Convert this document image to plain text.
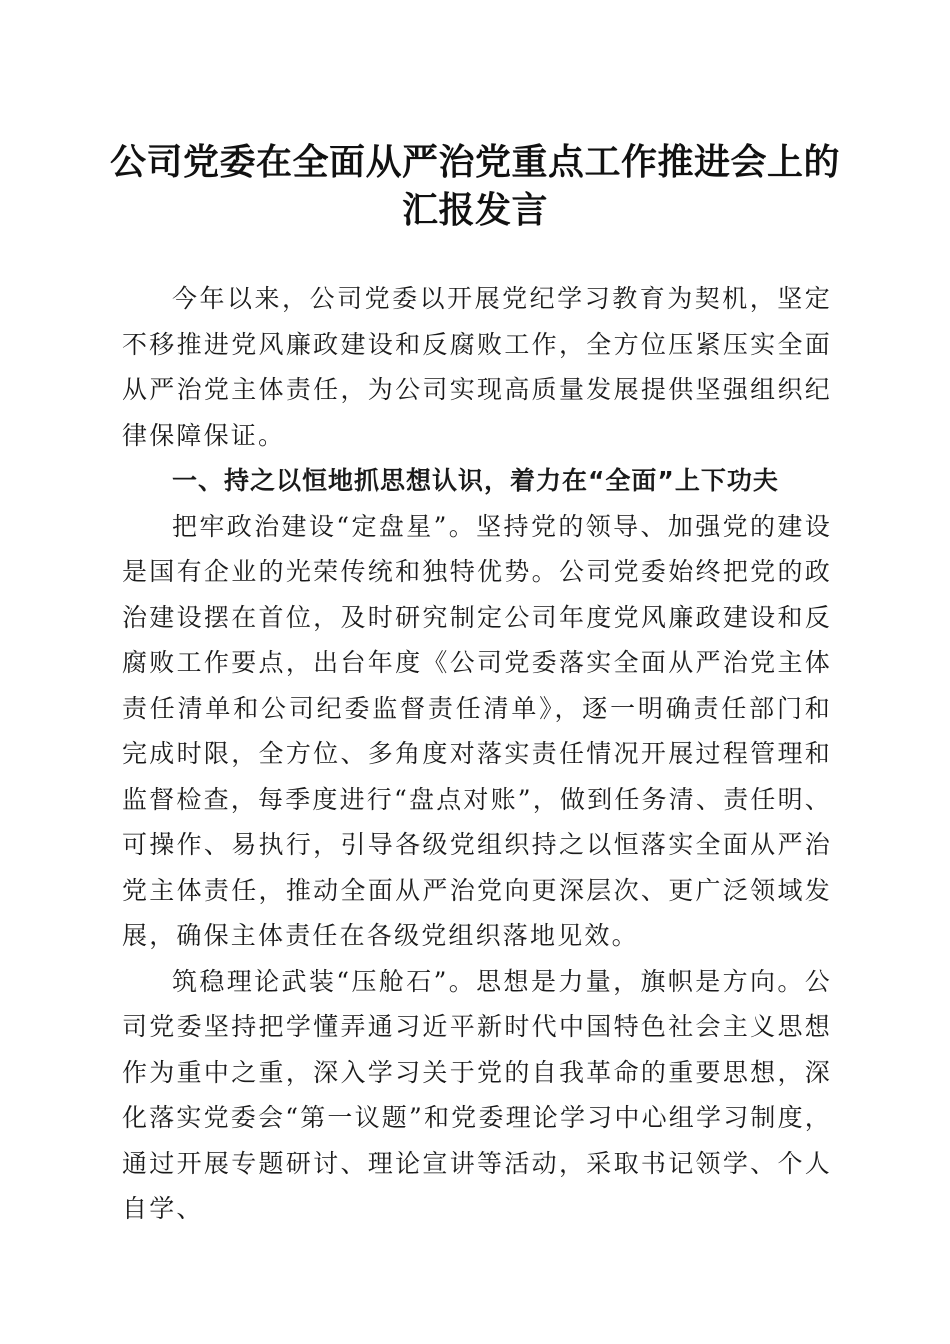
公司党委在全面从严治党重点工作推进会上的
汇报发言

今年以来，公司党委以开展党纪学习教育为契机，坚定不移推进党风廉政建设和反腐败工作，全方位压紧压实全面从严治党主体责任，为公司实现高质量发展提供坚强组织纪律保障保证。

一、持之以恒地抓思想认识，着力在“全面”上下功夫

把牢政治建设“定盘星”。坚持党的领导、加强党的建设是国有企业的光荣传统和独特优势。公司党委始终把党的政治建设摆在首位，及时研究制定公司年度党风廉政建设和反腐败工作要点，出台年度《公司党委落实全面从严治党主体责任清单和公司纪委监督责任清单》，逐一明确责任部门和完成时限，全方位、多角度对落实责任情况开展过程管理和监督检查，每季度进行“盘点对账”，做到任务清、责任明、可操作、易执行，引导各级党组织持之以恒落实全面从严治党主体责任，推动全面从严治党向更深层次、更广泛领域发展，确保主体责任在各级党组织落地见效。

筑稳理论武装“压舱石”。思想是力量，旗帜是方向。公司党委坚持把学懂弄通习近平新时代中国特色社会主义思想作为重中之重，深入学习关于党的自我革命的重要思想，深化落实党委会“第一议题”和党委理论学习中心组学习制度，通过开展专题研讨、理论宣讲等活动，采取书记领学、个人自学、
